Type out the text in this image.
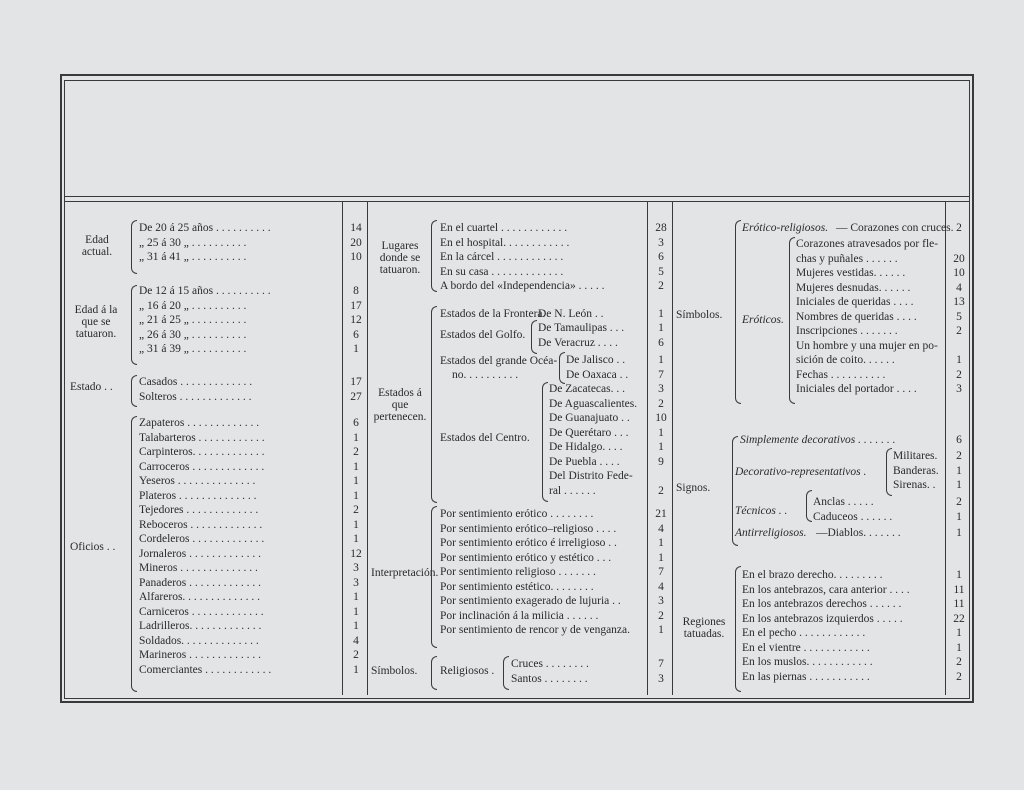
Edad actual.
De 20 á 25 años . . . . . . . . . .	14
„ 25 á 30 „ . . . . . . . . . .	20
„ 31 á 41 „ . . . . . . . . . .	10
Edad á la que se tatuaron.
De 12 á 15 años . . . . . . . . . .	8
„ 16 á 20 „ . . . . . . . . . .	17
„ 21 á 25 „ . . . . . . . . . .	12
„ 26 á 30 „ . . . . . . . . . .	6
„ 31 á 39 „ . . . . . . . . . .	1
Estado . .	Casados . . . . . . . . . . . . .	17
Solteros . . . . . . . . . . . . .	27
Oficios . .
Zapateros . . . . . . . . . . . . .	6
Talabarteros . . . . . . . . . . . .	1
Carpinteros. . . . . . . . . . . . .	2
Carroceros . . . . . . . . . . . . .	1
Yeseros . . . . . . . . . . . . . .	1
Plateros . . . . . . . . . . . . . .	1
Tejedores . . . . . . . . . . . . .	2
Reboceros . . . . . . . . . . . . .	1
Cordeleros . . . . . . . . . . . . .	1
Jornaleros . . . . . . . . . . . . .	12
Mineros . . . . . . . . . . . . . .	3
Panaderos . . . . . . . . . . . . .	3
Alfareros. . . . . . . . . . . . . .	1
Carniceros . . . . . . . . . . . . .	1
Ladrilleros. . . . . . . . . . . . .	1
Soldados. . . . . . . . . . . . . .	4
Marineros . . . . . . . . . . . . .	2
Comerciantes . . . . . . . . . . . .	1
Lugares donde se tatuaron.
En el cuartel . . . . . . . . . . . .	28
En el hospital. . . . . . . . . . . .	3
En la cárcel . . . . . . . . . . . .	6
En su casa . . . . . . . . . . . . .	5
A bordo del «Independencia» . . . . .	2
Estados á que pertenecen.
Estados de la Frontera.
De N. León . .	1
Estados del Golfo.
De Tamaulipas . . .	1
De Veracruz . . . .	6
Estados del grande Océa-
no. . . . . . . . . .
De Jalisco . .	1
De Oaxaca . .	7
Estados del Centro.
De Zacatecas. . .	3
De Aguascalientes.	2
De Guanajuato . .	10
De Querétaro . . .	1
De Hidalgo. . . .	1
De Puebla . . . .	9
Del Distrito Fede-
ral . . . . . .	2
Interpretación.
Por sentimiento erótico . . . . . . . .	21
Por sentimiento erótico–religioso . . . .	4
Por sentimiento erótico é irreligioso . .	1
Por sentimiento erótico y estético . . .	1
Por sentimiento religioso . . . . . . .	7
Por sentimiento estético. . . . . . . .	4
Por sentimiento exagerado de lujuria . .	3
Por inclinación á la milicia . . . . . .	2
Por sentimiento de rencor y de venganza.	1
Símbolos.	Religiosos .
Cruces . . . . . . . .	7
Santos . . . . . . . .	3
Símbolos.
Erótico-religiosos. — Corazones con cruces. 2
Eróticos.
Corazones atravesados por fle-
chas y puñales . . . . . .	20
Mujeres vestidas. . . . . .	10
Mujeres desnudas. . . . . .	4
Iniciales de queridas . . . .	13
Nombres de queridas . . . .	5
Inscripciones . . . . . . .	2
Un hombre y una mujer en po-
sición de coito. . . . . .	1
Fechas . . . . . . . . . .	2
Iniciales del portador . . . .	3
Signos.
Simplemente decorativos . . . . . . .	6
Decorativo-representativos .
Militares.	2
Banderas.	1
Sirenas. .	1
Técnicos . .
Anclas . . . . .	2
Caduceos . . . . . .	1
Antirreligiosos. —Diablos. . . . . . .	1
Regiones tatuadas.
En el brazo derecho. . . . . . . . .	1
En los antebrazos, cara anterior . . . .	11
En los antebrazos derechos . . . . . .	11
En los antebrazos izquierdos . . . . .	22
En el pecho . . . . . . . . . . . .	1
En el vientre . . . . . . . . . . . .	1
En los muslos. . . . . . . . . . . .	2
En las piernas . . . . . . . . . . .	2
